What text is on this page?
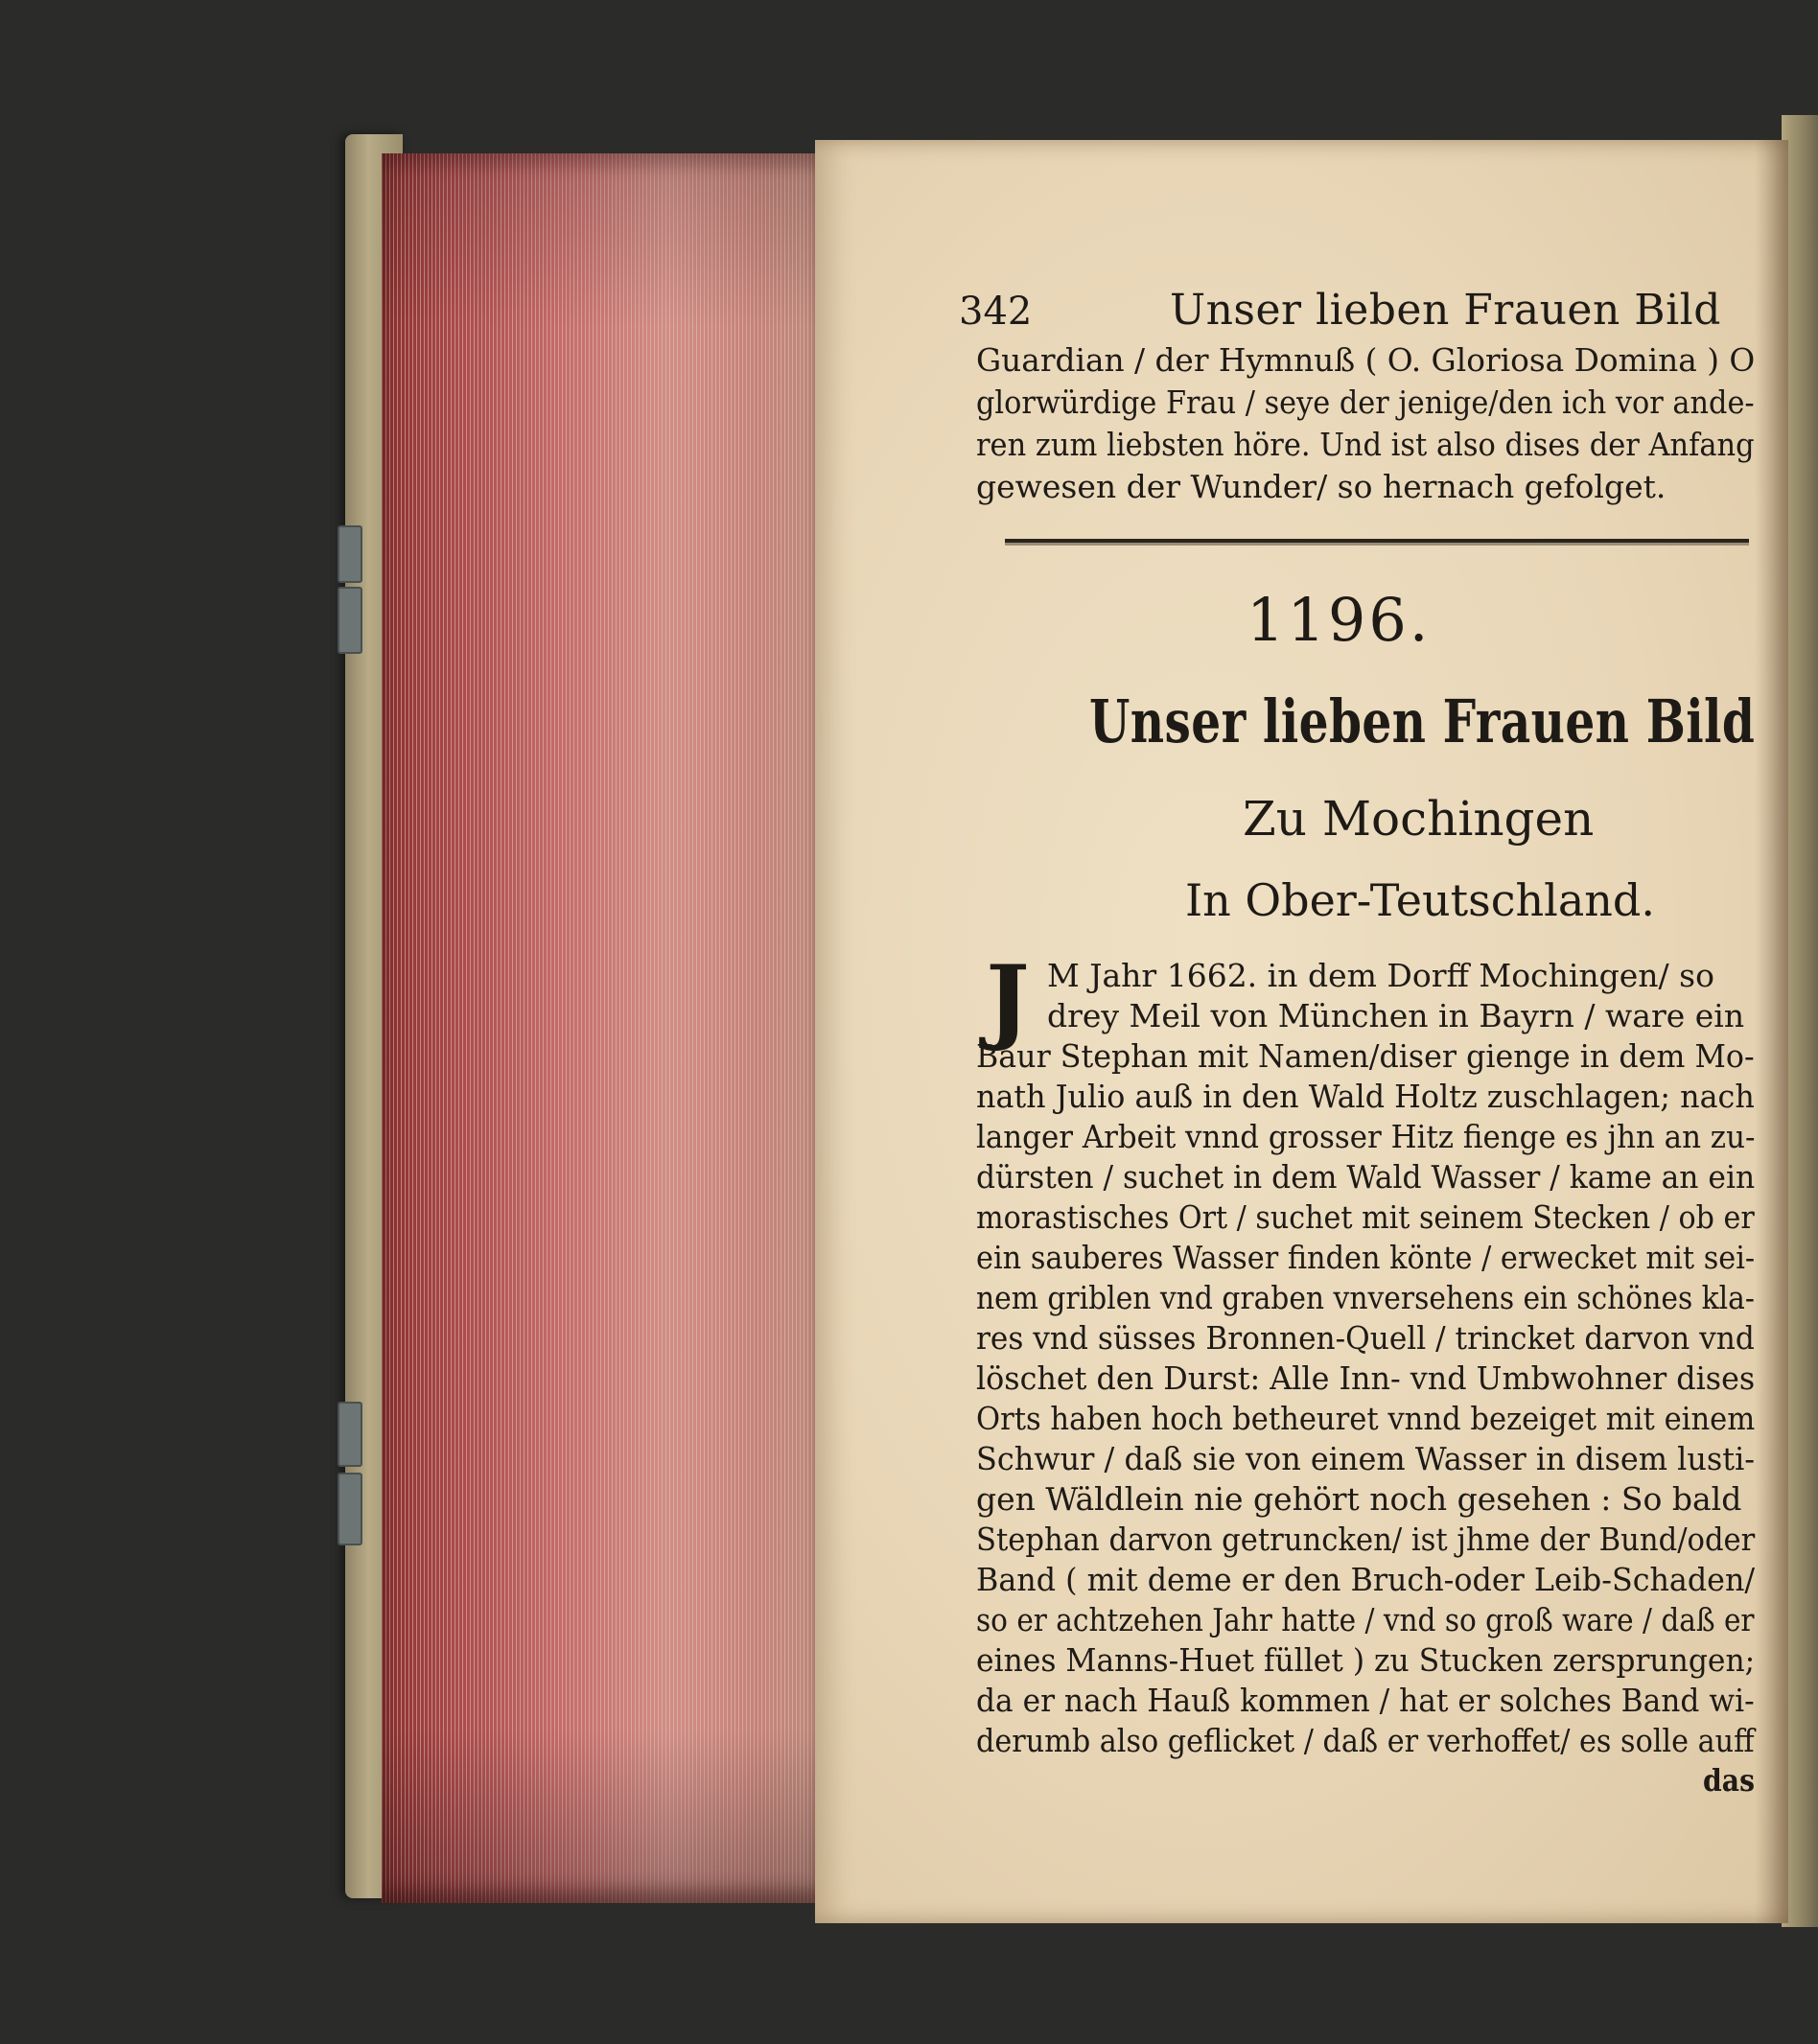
342	Unser lieben Frauen Bild
Guardian / der Hymnuß ( O. Gloriosa Domina ) O
glorwürdige Frau / seye der jenige/den ich vor ande-
ren zum liebsten höre. Und ist also dises der Anfang
gewesen der Wunder/ so hernach gefolget.
1196.
Unser lieben Frauen Bild
Zu Mochingen
In Ober-Teutschland.
J M Jahr 1662. in dem Dorff Mochingen/ so
drey Meil von München in Bayrn / ware ein
Baur Stephan mit Namen/diser gienge in dem Mo-
nath Julio auß in den Wald Holtz zuschlagen; nach
langer Arbeit vnnd grosser Hitz fienge es jhn an zu-
dürsten / suchet in dem Wald Wasser / kame an ein
morastisches Ort / suchet mit seinem Stecken / ob er
ein sauberes Wasser finden könte / erwecket mit sei-
nem griblen vnd graben vnversehens ein schönes kla-
res vnd süsses Bronnen-Quell / trincket darvon vnd
löschet den Durst: Alle Inn- vnd Umbwohner dises
Orts haben hoch betheuret vnnd bezeiget mit einem
Schwur / daß sie von einem Wasser in disem lusti-
gen Wäldlein nie gehört noch gesehen : So bald
Stephan darvon getruncken/ ist jhme der Bund/oder
Band ( mit deme er den Bruch-oder Leib-Schaden/
so er achtzehen Jahr hatte / vnd so groß ware / daß er
eines Manns-Huet füllet ) zu Stucken zersprungen;
da er nach Hauß kommen / hat er solches Band wi-
derumb also geflicket / daß er verhoffet/ es solle auff
das
